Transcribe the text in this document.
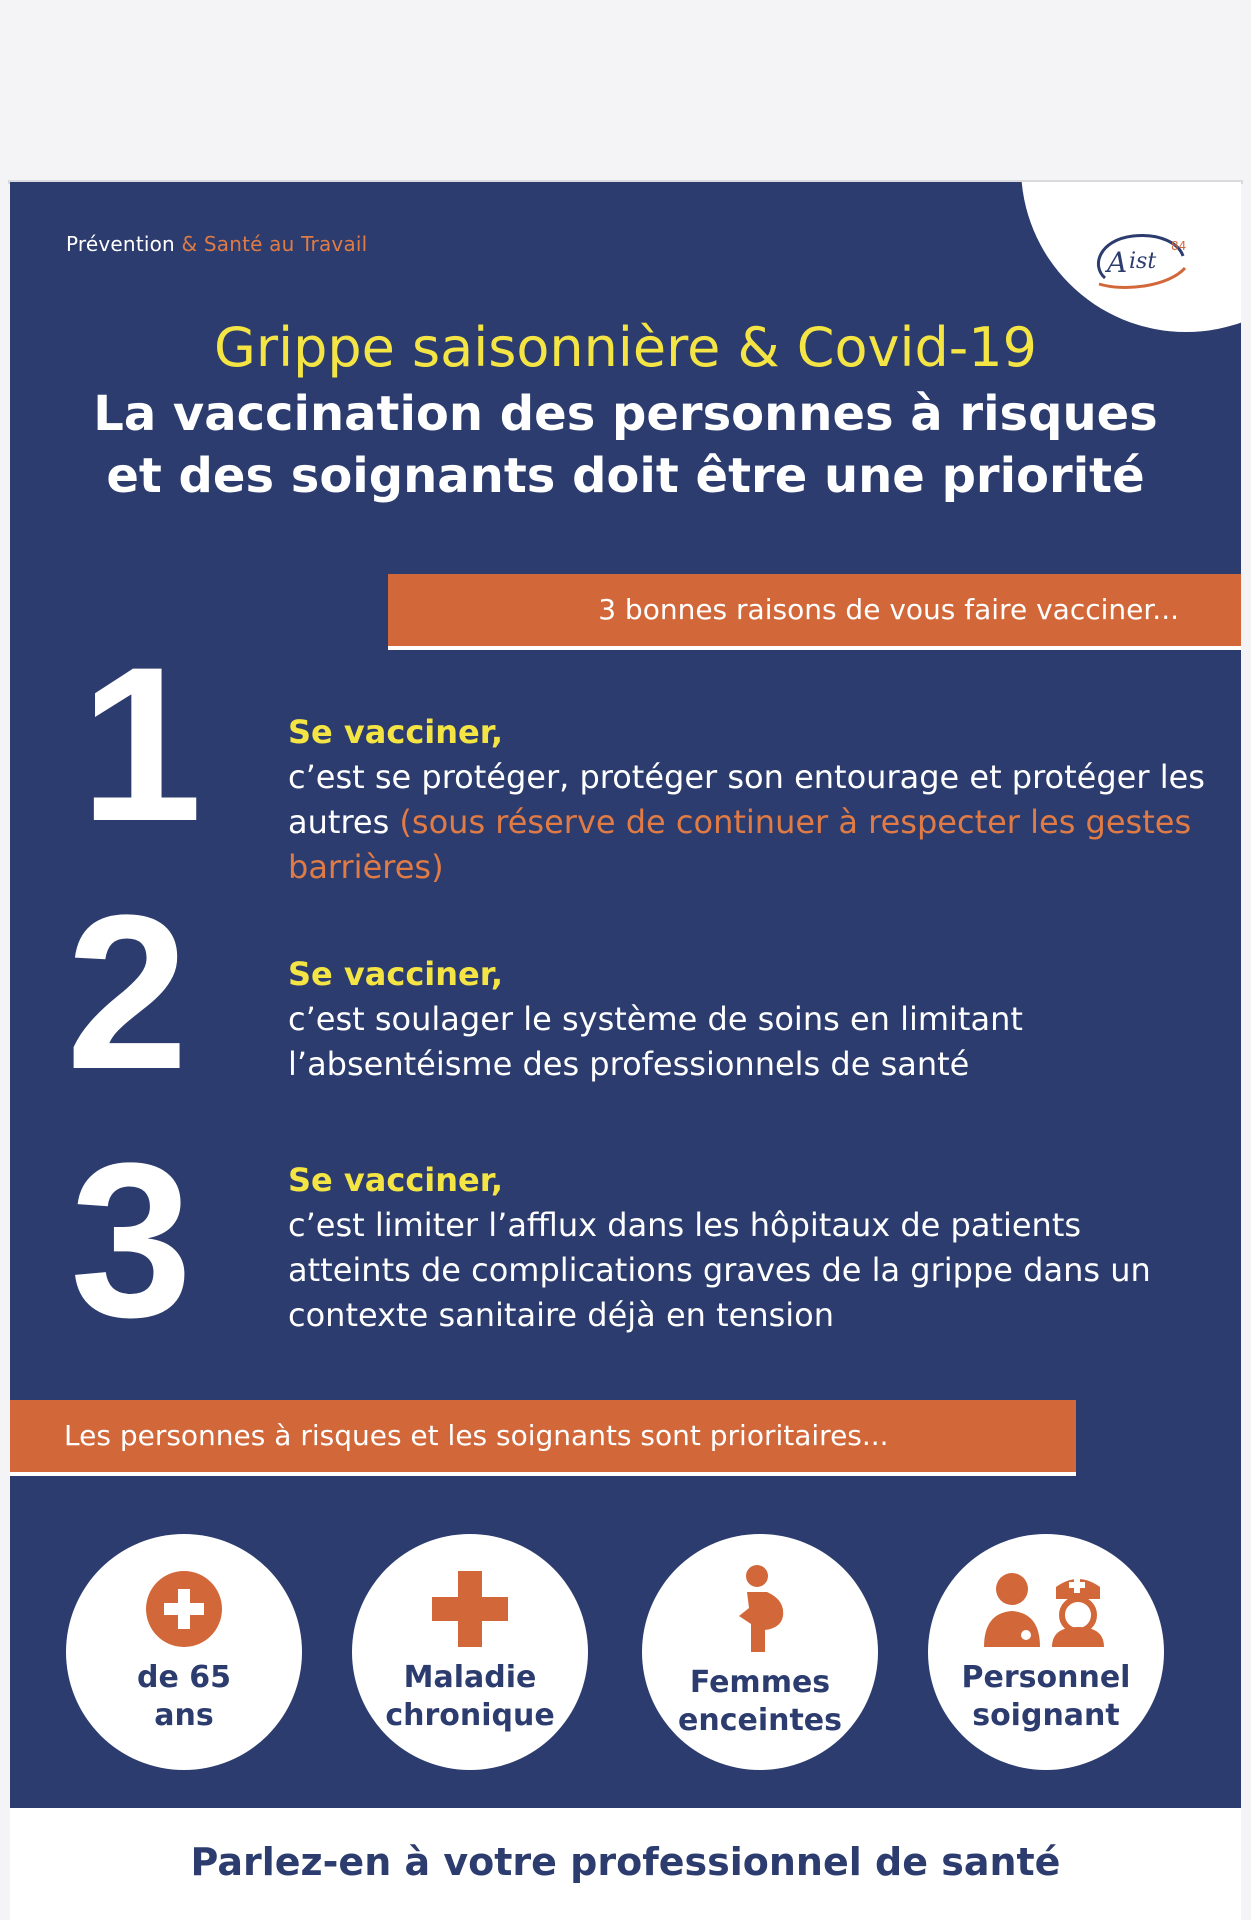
Prévention & Santé au Travail
A ist
84
Grippe saisonnière & Covid-19
La vaccination des personnes à risques
et des soignants doit être une priorité
3 bonnes raisons de vous faire vacciner...
1	Se vacciner,
c’est se protéger, protéger son entourage et protéger les autres (sous réserve de continuer à respecter les gestes barrières)
2	Se vacciner,
c’est soulager le système de soins en limitant l’absentéisme des professionnels de santé
3	Se vacciner,
c’est limiter l’afflux dans les hôpitaux de patients atteints de complications graves de la grippe dans un contexte sanitaire déjà en tension
Les personnes à risques et les soignants sont prioritaires...
de 65
ans
Maladie
chronique
Femmes
enceintes
Personnel
soignant
Parlez-en à votre professionnel de santé
